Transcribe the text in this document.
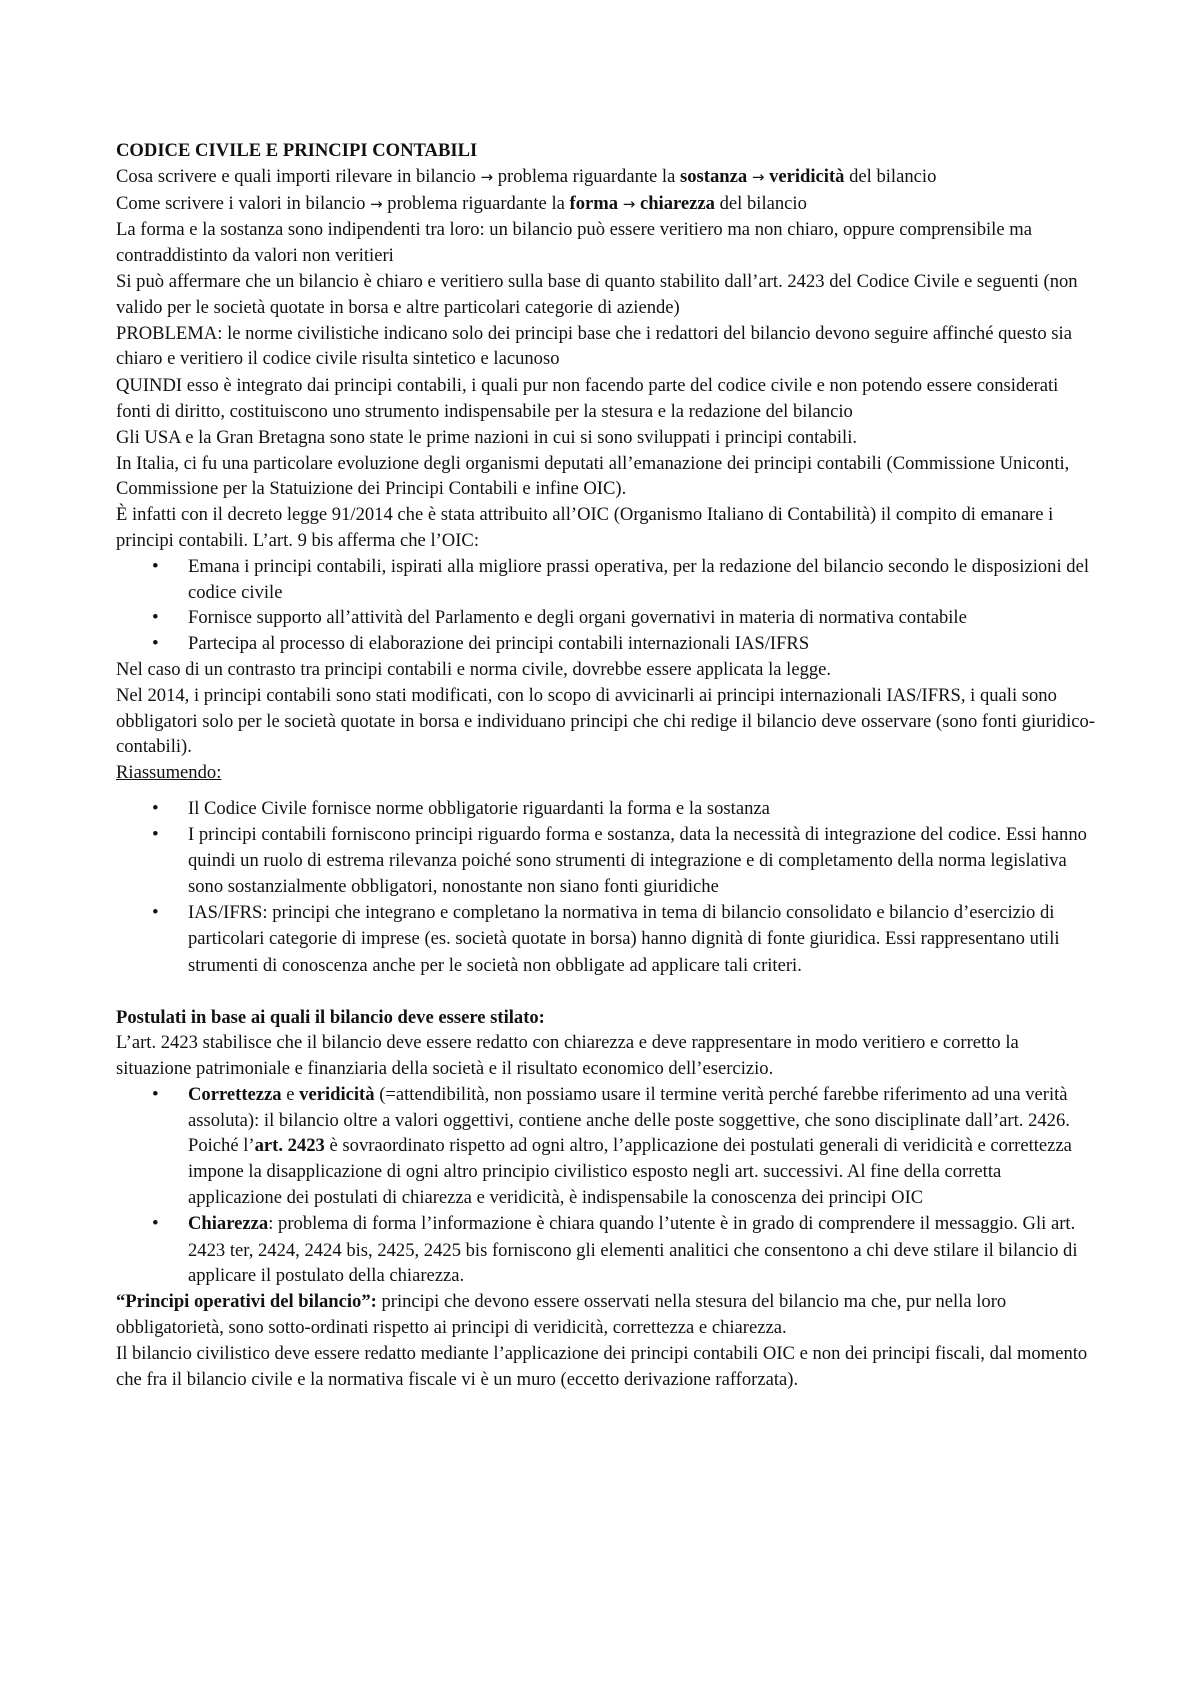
CODICE CIVILE E PRINCIPI CONTABILI

Cosa scrivere e quali importi rilevare in bilancio → problema riguardante la sostanza → veridicità del bilancio

Come scrivere i valori in bilancio → problema riguardante la forma → chiarezza del bilancio

La forma e la sostanza sono indipendenti tra loro: un bilancio può essere veritiero ma non chiaro, oppure comprensibile ma contraddistinto da valori non veritieri

Si può affermare che un bilancio è chiaro e veritiero sulla base di quanto stabilito dall’art. 2423 del Codice Civile e seguenti (non valido per le società quotate in borsa e altre particolari categorie di aziende)

PROBLEMA: le norme civilistiche indicano solo dei principi base che i redattori del bilancio devono seguire affinché questo sia chiaro e veritiero il codice civile risulta sintetico e lacunoso

QUINDI esso è integrato dai principi contabili, i quali pur non facendo parte del codice civile e non potendo essere considerati fonti di diritto, costituiscono uno strumento indispensabile per la stesura e la redazione del bilancio

Gli USA e la Gran Bretagna sono state le prime nazioni in cui si sono sviluppati i principi contabili.

In Italia, ci fu una particolare evoluzione degli organismi deputati all’emanazione dei principi contabili (Commissione Uniconti, Commissione per la Statuizione dei Principi Contabili e infine OIC).

È infatti con il decreto legge 91/2014 che è stata attribuito all’OIC (Organismo Italiano di Contabilità) il compito di emanare i principi contabili. L’art. 9 bis afferma che l’OIC:

• Emana i principi contabili, ispirati alla migliore prassi operativa, per la redazione del bilancio secondo le disposizioni del codice civile
• Fornisce supporto all’attività del Parlamento e degli organi governativi in materia di normativa contabile
• Partecipa al processo di elaborazione dei principi contabili internazionali IAS/IFRS

Nel caso di un contrasto tra principi contabili e norma civile, dovrebbe essere applicata la legge.

Nel 2014, i principi contabili sono stati modificati, con lo scopo di avvicinarli ai principi internazionali IAS/IFRS, i quali sono obbligatori solo per le società quotate in borsa e individuano principi che chi redige il bilancio deve osservare (sono fonti giuridico-contabili).

Riassumendo:

• Il Codice Civile fornisce norme obbligatorie riguardanti la forma e la sostanza
• I principi contabili forniscono principi riguardo forma e sostanza, data la necessità di integrazione del codice. Essi hanno quindi un ruolo di estrema rilevanza poiché sono strumenti di integrazione e di completamento della norma legislativa sono sostanzialmente obbligatori, nonostante non siano fonti giuridiche
• IAS/IFRS: principi che integrano e completano la normativa in tema di bilancio consolidato e bilancio d’esercizio di particolari categorie di imprese (es. società quotate in borsa) hanno dignità di fonte giuridica. Essi rappresentano utili strumenti di conoscenza anche per le società non obbligate ad applicare tali criteri.

Postulati in base ai quali il bilancio deve essere stilato:

L’art. 2423 stabilisce che il bilancio deve essere redatto con chiarezza e deve rappresentare in modo veritiero e corretto la situazione patrimoniale e finanziaria della società e il risultato economico dell’esercizio.

• Correttezza e veridicità (=attendibilità, non possiamo usare il termine verità perché farebbe riferimento ad una verità assoluta): il bilancio oltre a valori oggettivi, contiene anche delle poste soggettive, che sono disciplinate dall’art. 2426. Poiché l’art. 2423 è sovraordinato rispetto ad ogni altro, l’applicazione dei postulati generali di veridicità e correttezza impone la disapplicazione di ogni altro principio civilistico esposto negli art. successivi. Al fine della corretta applicazione dei postulati di chiarezza e veridicità, è indispensabile la conoscenza dei principi OIC
• Chiarezza: problema di forma l’informazione è chiara quando l’utente è in grado di comprendere il messaggio. Gli art. 2423 ter, 2424, 2424 bis, 2425, 2425 bis forniscono gli elementi analitici che consentono a chi deve stilare il bilancio di applicare il postulato della chiarezza.

“Principi operativi del bilancio”: principi che devono essere osservati nella stesura del bilancio ma che, pur nella loro obbligatorietà, sono sotto-ordinati rispetto ai principi di veridicità, correttezza e chiarezza.

Il bilancio civilistico deve essere redatto mediante l’applicazione dei principi contabili OIC e non dei principi fiscali, dal momento che fra il bilancio civile e la normativa fiscale vi è un muro (eccetto derivazione rafforzata).
